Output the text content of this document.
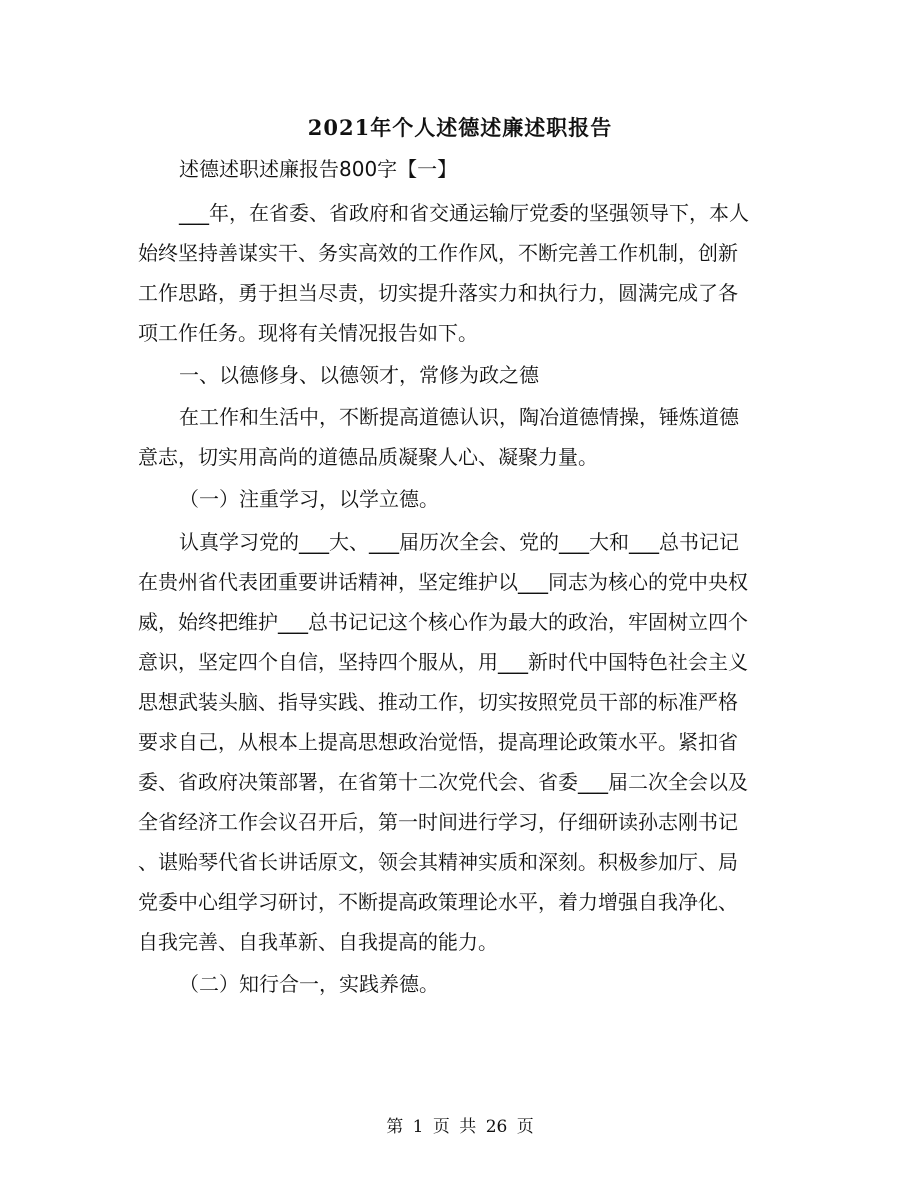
2021年个人述德述廉述职报告

述德述职述廉报告800字【一】

___年，在省委、省政府和省交通运输厅党委的坚强领导下，本人

始终坚持善谋实干、务实高效的工作作风，不断完善工作机制，创新

工作思路，勇于担当尽责，切实提升落实力和执行力，圆满完成了各

项工作任务。现将有关情况报告如下。

一、以德修身、以德领才，常修为政之德

在工作和生活中，不断提高道德认识，陶冶道德情操，锤炼道德

意志，切实用高尚的道德品质凝聚人心、凝聚力量。

（一）注重学习，以学立德。

认真学习党的___大、___届历次全会、党的___大和___总书记记

在贵州省代表团重要讲话精神，坚定维护以___同志为核心的党中央权

威，始终把维护___总书记记这个核心作为最大的政治，牢固树立四个

意识，坚定四个自信，坚持四个服从，用___新时代中国特色社会主义

思想武装头脑、指导实践、推动工作，切实按照党员干部的标准严格

要求自己，从根本上提高思想政治觉悟，提高理论政策水平。紧扣省

委、省政府决策部署，在省第十二次党代会、省委___届二次全会以及

全省经济工作会议召开后，第一时间进行学习，仔细研读孙志刚书记

、谌贻琴代省长讲话原文，领会其精神实质和深刻。积极参加厅、局

党委中心组学习研讨，不断提高政策理论水平，着力增强自我净化、

自我完善、自我革新、自我提高的能力。

（二）知行合一，实践养德。

第 1 页 共 26 页
